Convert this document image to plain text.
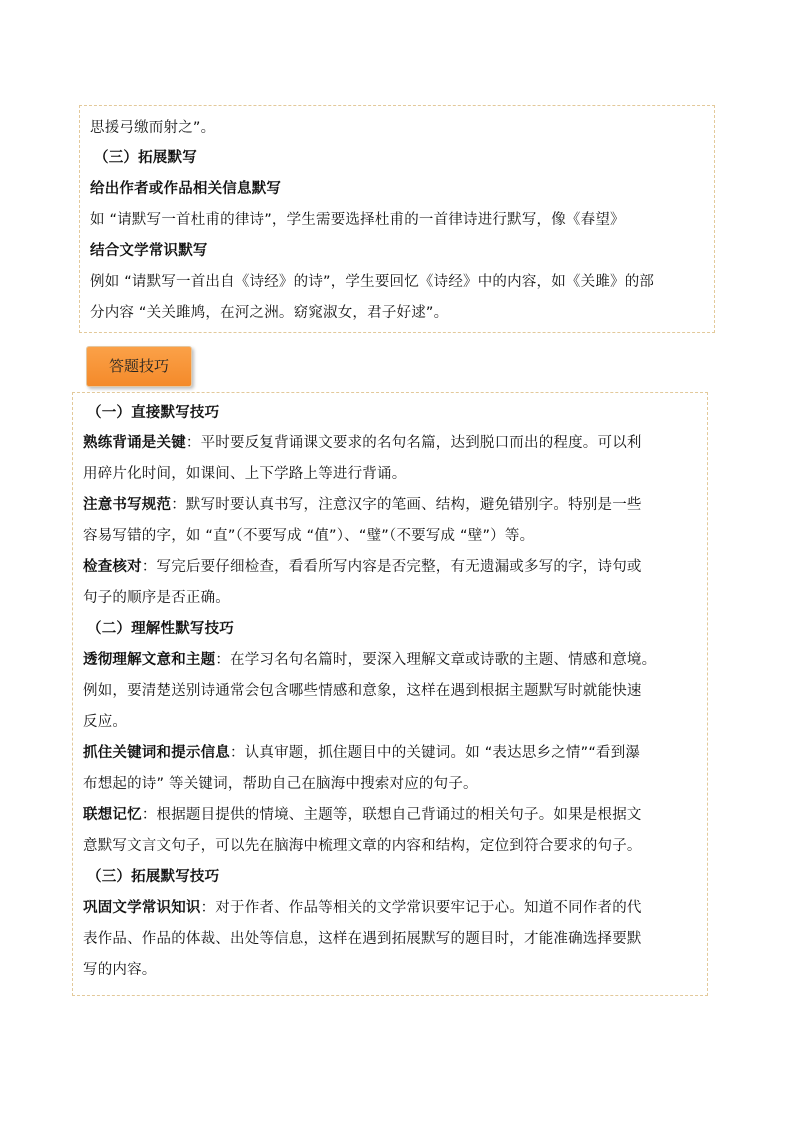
思援弓缴而射之”。
（三）拓展默写
给出作者或作品相关信息默写
如 “请默写一首杜甫的律诗”，学生需要选择杜甫的一首律诗进行默写，像《春望》
结合文学常识默写
例如 “请默写一首出自《诗经》的诗”，学生要回忆《诗经》中的内容，如《关雎》的部
分内容 “关关雎鸠，在河之洲。窈窕淑女，君子好逑”。
答题技巧
（一）直接默写技巧
熟练背诵是关键：平时要反复背诵课文要求的名句名篇，达到脱口而出的程度。可以利
用碎片化时间，如课间、上下学路上等进行背诵。
注意书写规范：默写时要认真书写，注意汉字的笔画、结构，避免错别字。特别是一些
容易写错的字，如 “直”（不要写成 “值”）、“璧”（不要写成 “壁”）等。
检查核对：写完后要仔细检查，看看所写内容是否完整，有无遗漏或多写的字，诗句或
句子的顺序是否正确。
（二）理解性默写技巧
透彻理解文意和主题：在学习名句名篇时，要深入理解文章或诗歌的主题、情感和意境。
例如，要清楚送别诗通常会包含哪些情感和意象，这样在遇到根据主题默写时就能快速
反应。
抓住关键词和提示信息：认真审题，抓住题目中的关键词。如 “表达思乡之情”“看到瀑
布想起的诗” 等关键词，帮助自己在脑海中搜索对应的句子。
联想记忆：根据题目提供的情境、主题等，联想自己背诵过的相关句子。如果是根据文
意默写文言文句子，可以先在脑海中梳理文章的内容和结构，定位到符合要求的句子。
（三）拓展默写技巧
巩固文学常识知识：对于作者、作品等相关的文学常识要牢记于心。知道不同作者的代
表作品、作品的体裁、出处等信息，这样在遇到拓展默写的题目时，才能准确选择要默
写的内容。
